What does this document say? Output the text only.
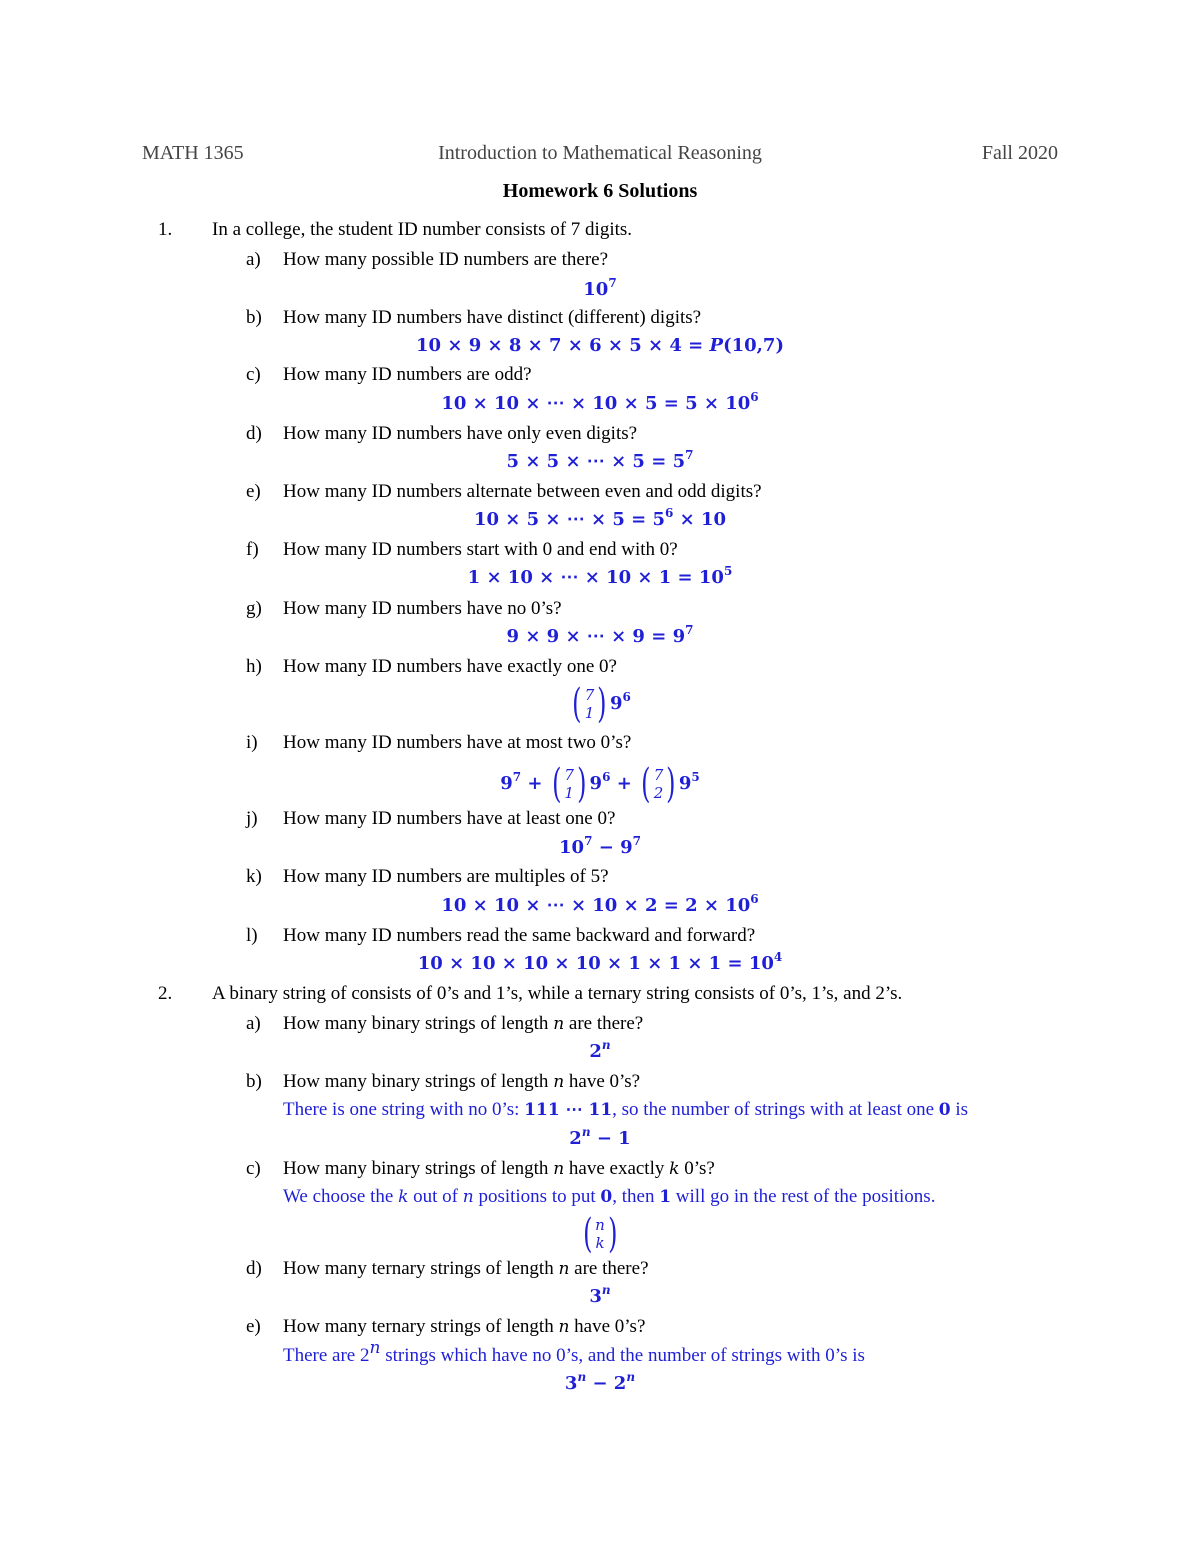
MATH 1365	Introduction to Mathematical Reasoning	Fall 2020
Homework 6 Solutions
1. In a college, the student ID number consists of 7 digits.
a) How many possible ID numbers are there?
$10^7$
b) How many ID numbers have distinct (different) digits?
10 × 9 × 8 × 7 × 6 × 5 × 4 = P(10,7)
c) How many ID numbers are odd?
10 × 10 × ⋯ × $10 \times 5 = 5 \times 10^6$
d) How many ID numbers have only even digits?
5 × 5 × ⋯ × $5 = 5^7$
e) How many ID numbers alternate between even and odd digits?
10 × 5 × ⋯ × $5 = 5^6 \times 10$
f) How many ID numbers start with 0 and end with 0?
1 × 10 × ⋯ × $10 \times 1 = 10^5$
g) How many ID numbers have no 0’s?
9 × 9 × ⋯ × $9 = 9^7$
h) How many ID numbers have exactly one 0?
( 7
1 ) $9^6$
i) How many ID numbers have at most two 0’s?
$9^7$ + ( 7
1 ) $9^6$ + ( 7
2 ) $9^5$
j) How many ID numbers have at least one 0?
$10^7 - 9^7$
k) How many ID numbers are multiples of 5?
10 × 10 × ⋯ × $10 \times 2 = 2 \times 10^6$
l) How many ID numbers read the same backward and forward?
$10 \times 10 \times 10 \times 10 \times 1 \times 1 \times 1 = 10^4$
2. A binary string of consists of 0’s and 1’s, while a ternary string consists of 0’s, 1’s, and 2’s.
a) How many binary strings of length n are there?
2$^n$
b) How many binary strings of length n have 0’s?
There is one string with no 0’s: 111 ⋯ 11, so the number of strings with at least one 0 is
$2^n - 1$
c) How many binary strings of length n have exactly k 0’s?
We choose the k out of n positions to put 0, then 1 will go in the rest of the positions.
( n
k )
d) How many ternary strings of length n are there?
3$^n$
e) How many ternary strings of length n have 0’s?
There are 2$^n$ strings which have no 0’s, and the number of strings with 0’s is
$3^n - 2^n$
